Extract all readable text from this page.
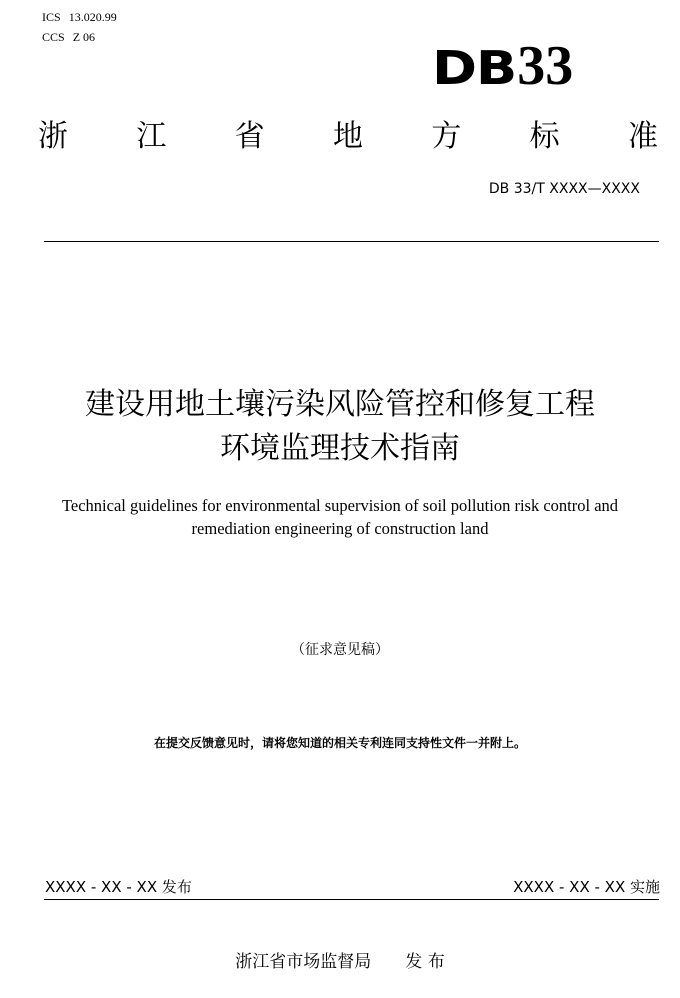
ICS 13.020.99
CCS Z 06
DB33
浙 江 省 地 方 标 准
DB 33/T XXXX—XXXX
建设用地土壤污染风险管控和修复工程
环境监理技术指南
Technical guidelines for environmental supervision of soil pollution risk control and
remediation engineering of construction land
（征求意见稿）
在提交反馈意见时，请将您知道的相关专利连同支持性文件一并附上。
XXXX - XX - XX 发布	XXXX - XX - XX 实施
浙江省市场监督局 发 布
